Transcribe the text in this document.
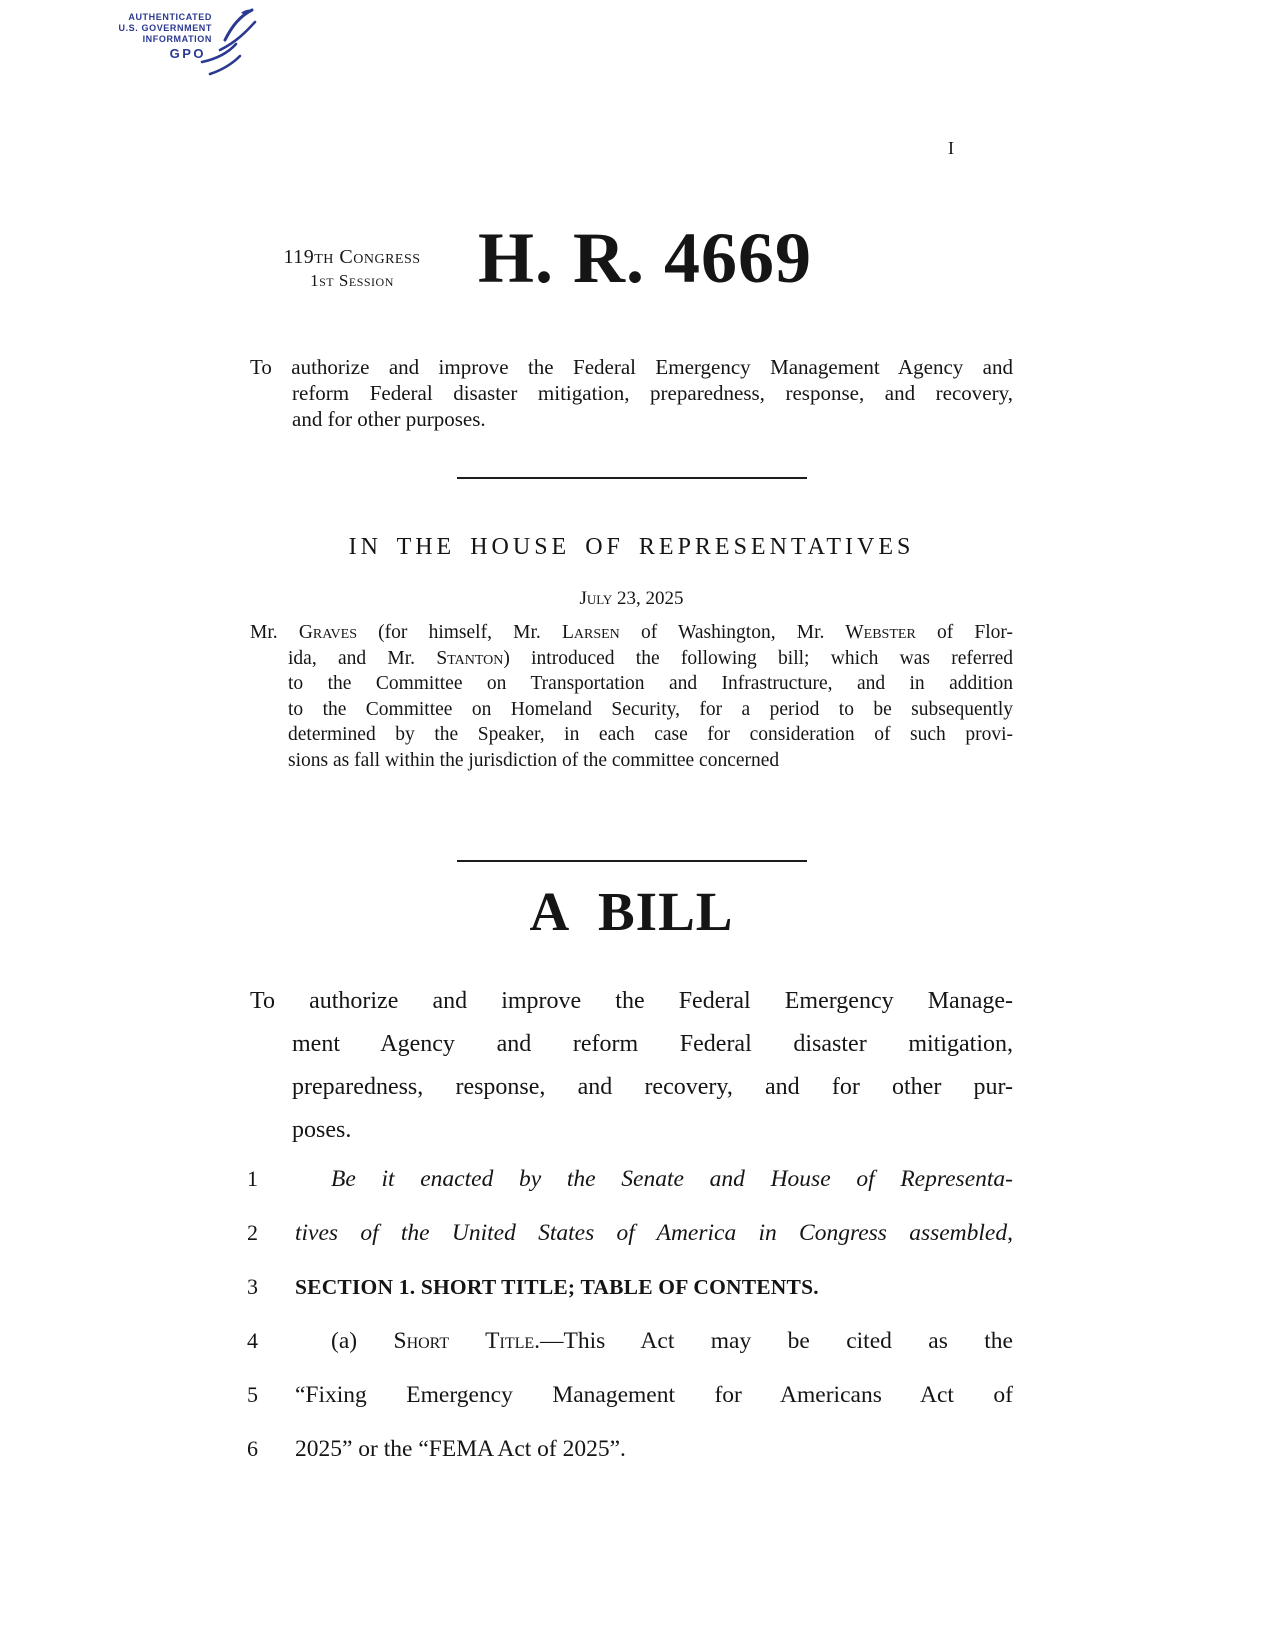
AUTHENTICATED
U.S. GOVERNMENT
INFORMATION
GPO
I
119th Congress
1st Session	H. R. 4669
To authorize and improve the Federal Emergency Management Agency and
reform Federal disaster mitigation, preparedness, response, and recovery,
and for other purposes.
IN THE HOUSE OF REPRESENTATIVES
July 23, 2025
Mr. Graves (for himself, Mr. Larsen of Washington, Mr. Webster of Flor-
ida, and Mr. Stanton) introduced the following bill; which was referred
to the Committee on Transportation and Infrastructure, and in addition
to the Committee on Homeland Security, for a period to be subsequently
determined by the Speaker, in each case for consideration of such provi-
sions as fall within the jurisdiction of the committee concerned
A BILL
To authorize and improve the Federal Emergency Manage-
ment Agency and reform Federal disaster mitigation,
preparedness, response, and recovery, and for other pur-
poses.
1	Be it enacted by the Senate and House of Representa-
2 tives of the United States of America in Congress assembled,
3 SECTION 1. SHORT TITLE; TABLE OF CONTENTS.
4	(a) Short Title.—This Act may be cited as the
5 “Fixing Emergency Management for Americans Act of
6 2025” or the “FEMA Act of 2025”.
